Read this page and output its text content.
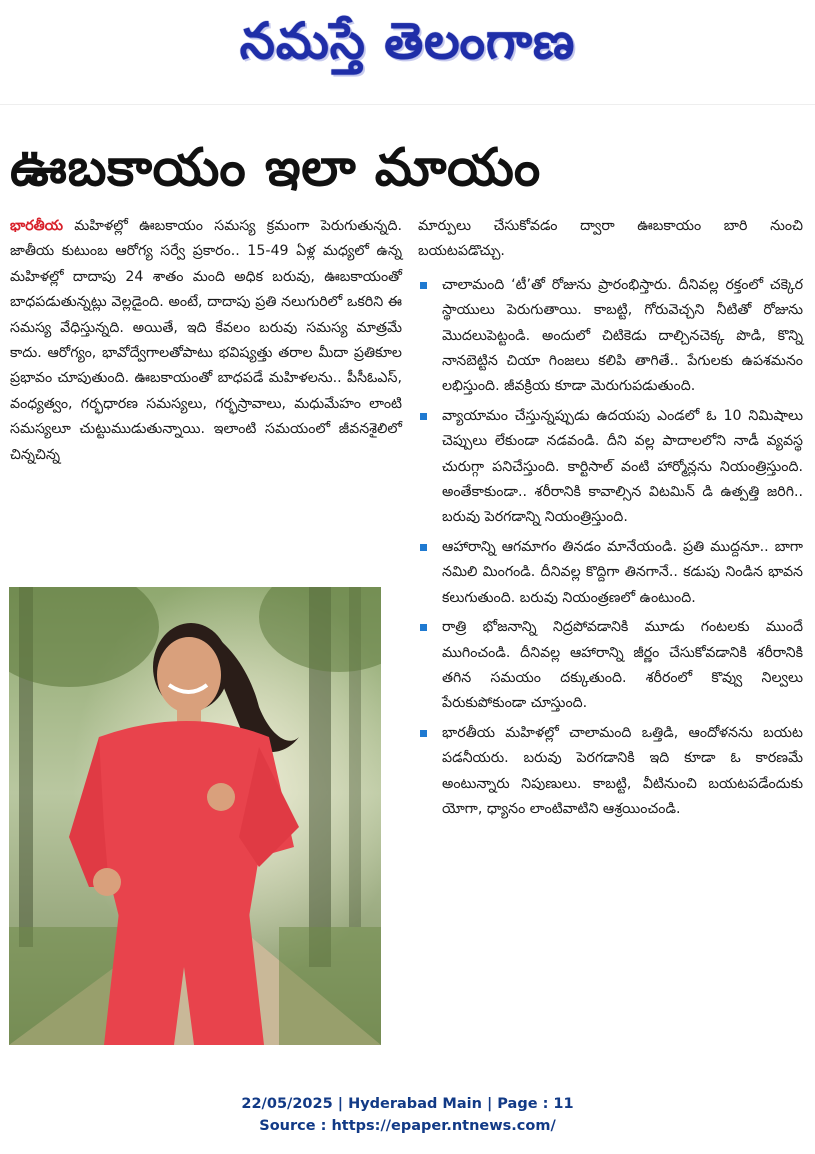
నమస్తే తెలంగాణ
ఊబకాయం ఇలా మాయం

భారతీయ మహిళల్లో ఊబకాయం సమస్య క్రమంగా పెరుగుతున్నది. జాతీయ కుటుంబ ఆరోగ్య సర్వే ప్రకారం.. 15-49 ఏళ్ల మధ్యలో ఉన్న మహిళల్లో దాదాపు 24 శాతం మంది అధిక బరువు, ఊబకాయంతో బాధపడుతున్నట్లు వెల్లడైంది. అంటే, దాదాపు ప్రతి నలుగురిలో ఒకరిని ఈ సమస్య వేధిస్తున్నది. అయితే, ఇది కేవలం బరువు సమస్య మాత్రమే కాదు. ఆరోగ్యం, భావోద్వేగాలతోపాటు భవిష్యత్తు తరాల మీదా ప్రతికూల ప్రభావం చూపుతుంది. ఊబకాయంతో బాధపడే మహిళలను.. పీసీఓఎస్, వంధ్యత్వం, గర్భధారణ సమస్యలు, గర్భస్రావాలు, మధుమేహం లాంటి సమస్యలూ చుట్టుముడుతున్నాయి. ఇలాంటి సమయంలో జీవనశైలిలో చిన్నచిన్న

మార్పులు చేసుకోవడం ద్వారా ఊబకాయం బారి నుంచి బయటపడొచ్చు.

చాలామంది ‘టీ’తో రోజును ప్రారంభిస్తారు. దీనివల్ల రక్తంలో చక్కెర స్థాయులు పెరుగుతాయి. కాబట్టి, గోరువెచ్చని నీటితో రోజును మొదలుపెట్టండి. అందులో చిటికెడు దాల్చినచెక్క పొడి, కొన్ని నానబెట్టిన చియా గింజలు కలిపి తాగితే.. పేగులకు ఉపశమనం లభిస్తుంది. జీవక్రియ కూడా మెరుగుపడుతుంది.
వ్యాయామం చేస్తున్నప్పుడు ఉదయపు ఎండలో ఓ 10 నిమిషాలు చెప్పులు లేకుండా నడవండి. దీని వల్ల పాదాలలోని నాడీ వ్యవస్థ చురుగ్గా పనిచేస్తుంది. కార్టిసాల్ వంటి హార్మోన్లను నియంత్రిస్తుంది. అంతేకాకుండా.. శరీరానికి కావాల్సిన విటమిన్ డి ఉత్పత్తి జరిగి.. బరువు పెరగడాన్ని నియంత్రిస్తుంది.
ఆహారాన్ని ఆగమాగం తినడం మానేయండి. ప్రతి ముద్దనూ.. బాగా నమిలి మింగండి. దీనివల్ల కొద్దిగా తినగానే.. కడుపు నిండిన భావన కలుగుతుంది. బరువు నియంత్రణలో ఉంటుంది.
రాత్రి భోజనాన్ని నిద్రపోవడానికి మూడు గంటలకు ముందే ముగించండి. దీనివల్ల ఆహారాన్ని జీర్ణం చేసుకోవడానికి శరీరానికి తగిన సమయం దక్కుతుంది. శరీరంలో కొవ్వు నిల్వలు పేరుకుపోకుండా చూస్తుంది.
భారతీయ మహిళల్లో చాలామంది ఒత్తిడి, ఆందోళనను బయట పడనీయరు. బరువు పెరగడానికి ఇది కూడా ఓ కారణమే అంటున్నారు నిపుణులు. కాబట్టి, వీటినుంచి బయటపడేందుకు యోగా, ధ్యానం లాంటివాటిని ఆశ్రయించండి.
22/05/2025 | Hyderabad Main | Page : 11
Source : https://epaper.ntnews.com/
